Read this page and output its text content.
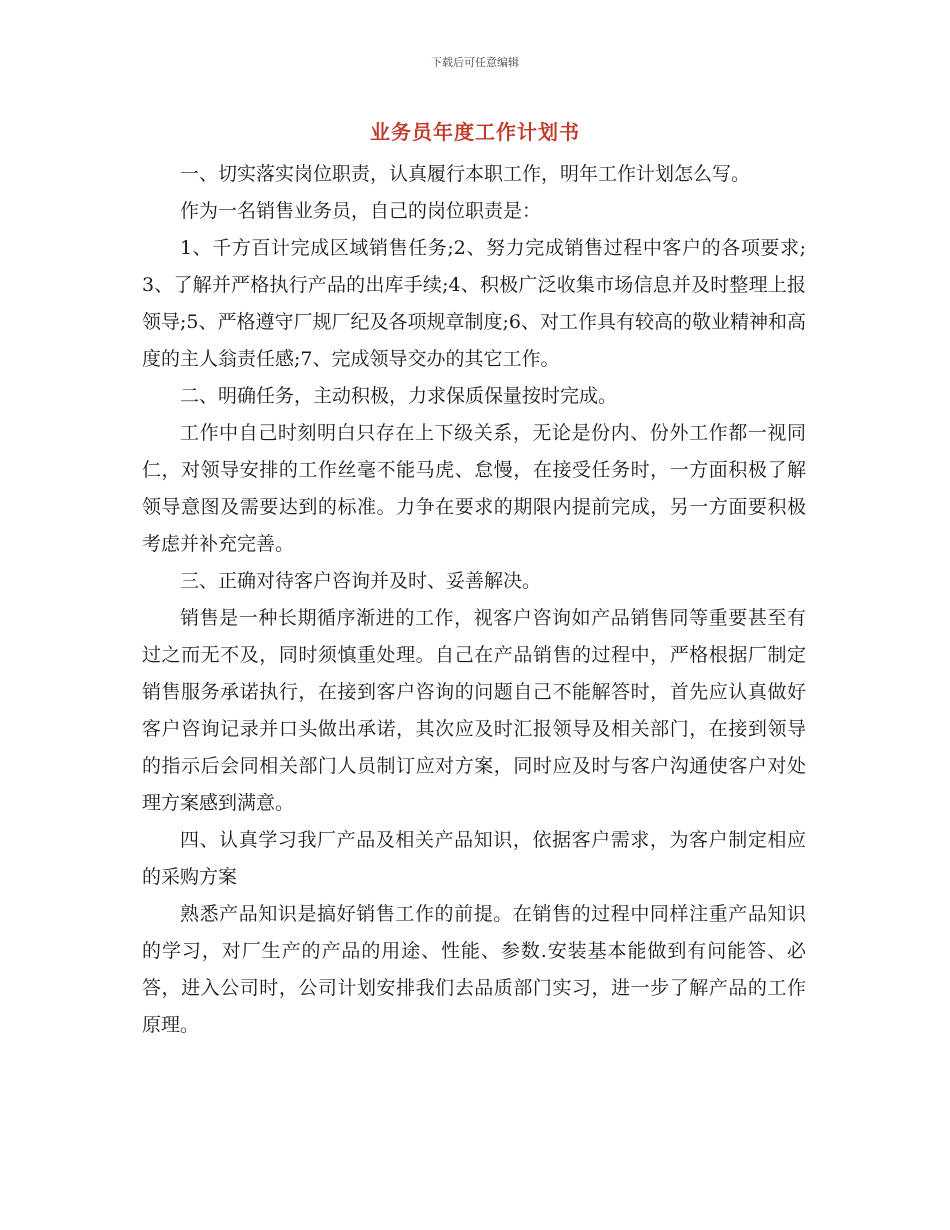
下载后可任意编辑
业务员年度工作计划书

一、切实落实岗位职责，认真履行本职工作，明年工作计划怎么写。

作为一名销售业务员，自己的岗位职责是：

1、千方百计完成区域销售任务;2、努力完成销售过程中客户的各项要求;3、了解并严格执行产品的出库手续;4、积极广泛收集市场信息并及时整理上报领导;5、严格遵守厂规厂纪及各项规章制度;6、对工作具有较高的敬业精神和高度的主人翁责任感;7、完成领导交办的其它工作。

二、明确任务，主动积极，力求保质保量按时完成。

工作中自己时刻明白只存在上下级关系，无论是份内、份外工作都一视同仁，对领导安排的工作丝毫不能马虎、怠慢，在接受任务时，一方面积极了解领导意图及需要达到的标准。力争在要求的期限内提前完成，另一方面要积极考虑并补充完善。

三、正确对待客户咨询并及时、妥善解决。

销售是一种长期循序渐进的工作，视客户咨询如产品销售同等重要甚至有过之而无不及，同时须慎重处理。自己在产品销售的过程中，严格根据厂制定销售服务承诺执行，在接到客户咨询的问题自己不能解答时，首先应认真做好客户咨询记录并口头做出承诺，其次应及时汇报领导及相关部门，在接到领导的指示后会同相关部门人员制订应对方案，同时应及时与客户沟通使客户对处理方案感到满意。

四、认真学习我厂产品及相关产品知识，依据客户需求，为客户制定相应的采购方案

熟悉产品知识是搞好销售工作的前提。在销售的过程中同样注重产品知识的学习，对厂生产的产品的用途、性能、参数.安装基本能做到有问能答、必答，进入公司时，公司计划安排我们去品质部门实习，进一步了解产品的工作原理。
